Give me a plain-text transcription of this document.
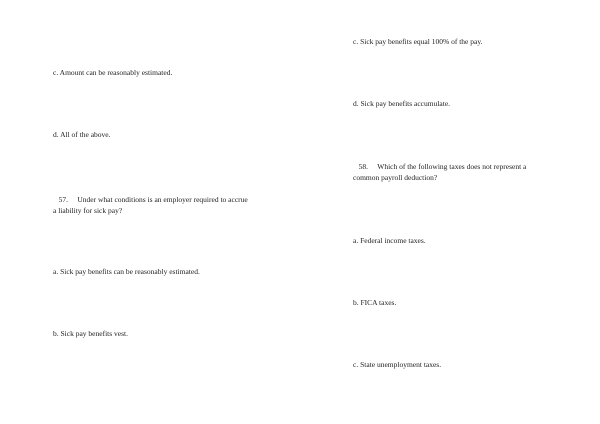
c. Amount can be reasonably estimated.

d. All of the above.

57.     Under what conditions is an employer required to accrue
a liability for sick pay?

a. Sick pay benefits can be reasonably estimated.

b. Sick pay benefits vest.

c. Sick pay benefits equal 100% of the pay.

d. Sick pay benefits accumulate.

58.     Which of the following taxes does not represent a
common payroll deduction?

a. Federal income taxes.

b. FICA taxes.

c. State unemployment taxes.
